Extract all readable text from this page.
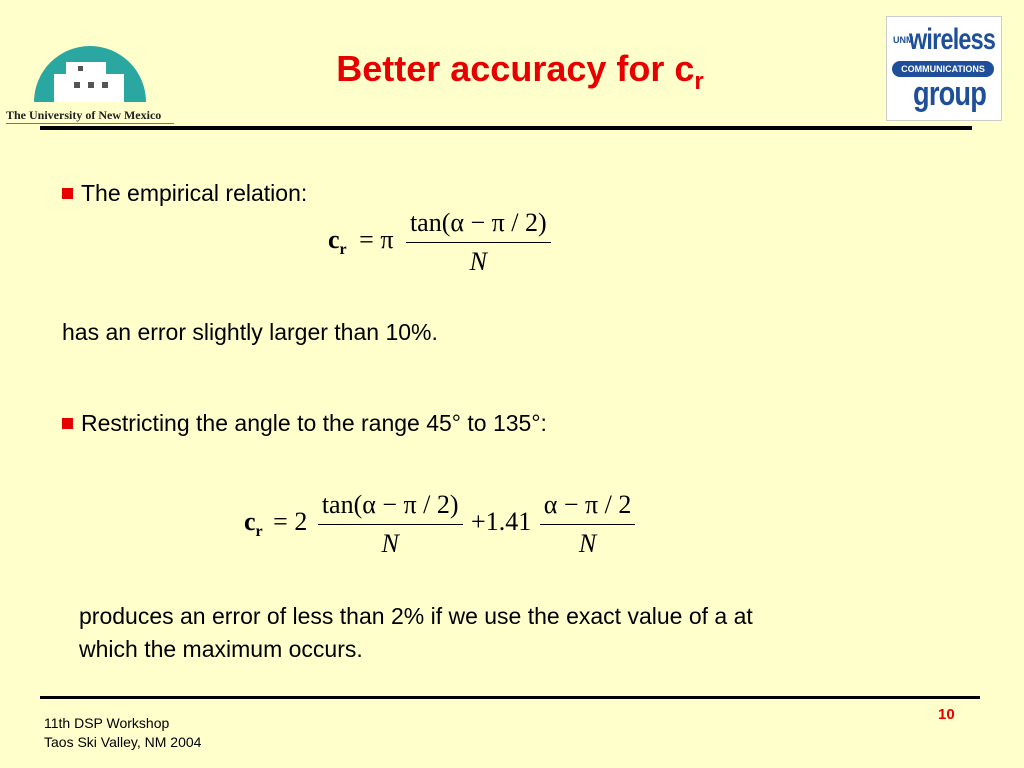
The University of New Mexico
Better accuracy for $c_r$
UNM
wireless
COMMUNICATIONS
group
The empirical relation:
$c_r = \pi \frac{\tan(\alpha - \pi / 2)}{N}$
has an error slightly larger than 10%.
Restricting the angle to the range 45° to 135°:
$c_r = 2 \frac{\tan(\alpha - \pi / 2)}{N} +1.41 \frac{\alpha - \pi / 2}{N}$
produces an error of less than 2% if we use the exact value of a at
which the maximum occurs.
11th DSP Workshop
Taos Ski Valley, NM 2004
10
